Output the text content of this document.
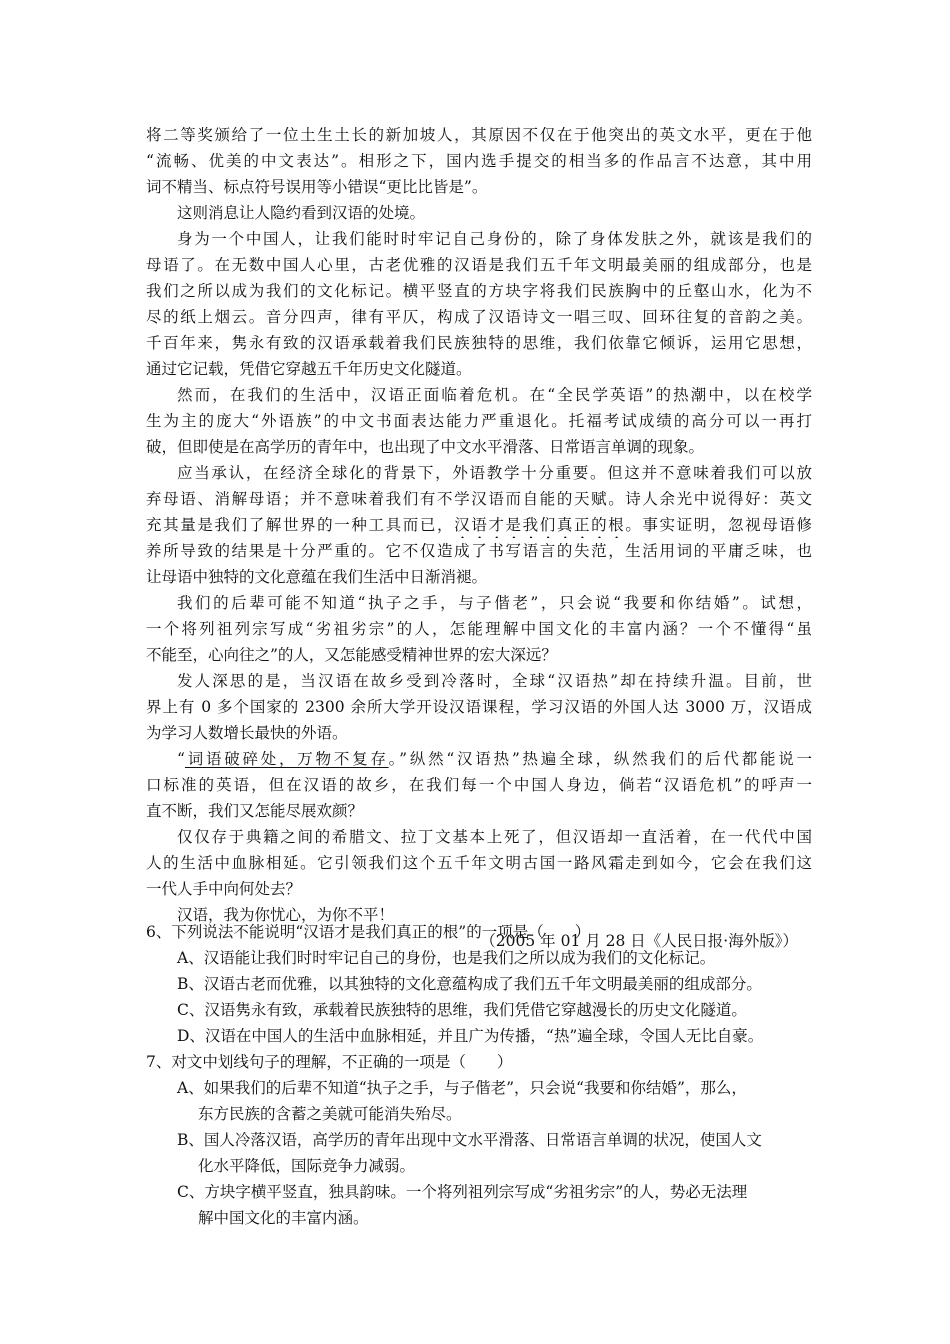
将二等奖颁给了一位土生土长的新加坡人，其原因不仅在于他突出的英文水平，更在于他
“流畅、优美的中文表达”。相形之下，国内选手提交的相当多的作品言不达意，其中用
词不精当、标点符号误用等小错误“更比比皆是”。
这则消息让人隐约看到汉语的处境。
身为一个中国人，让我们能时时牢记自己身份的，除了身体发肤之外，就该是我们的
母语了。在无数中国人心里，古老优雅的汉语是我们五千年文明最美丽的组成部分，也是
我们之所以成为我们的文化标记。横平竖直的方块字将我们民族胸中的丘壑山水，化为不
尽的纸上烟云。音分四声，律有平仄，构成了汉语诗文一唱三叹、回环往复的音韵之美。
千百年来，隽永有致的汉语承载着我们民族独特的思维，我们依靠它倾诉，运用它思想，
通过它记载，凭借它穿越五千年历史文化隧道。
然而，在我们的生活中，汉语正面临着危机。在“全民学英语”的热潮中，以在校学
生为主的庞大“外语族”的中文书面表达能力严重退化。托福考试成绩的高分可以一再打
破，但即使是在高学历的青年中，也出现了中文水平滑落、日常语言单调的现象。
应当承认，在经济全球化的背景下，外语教学十分重要。但这并不意味着我们可以放
弃母语、消解母语；并不意味着我们有不学汉语而自能的天赋。诗人余光中说得好：英文
充其量是我们了解世界的一种工具而已，汉语才是我们真正的根。事实证明，忽视母语修
养所导致的结果是十分严重的。它不仅造成了书写语言的失范，生活用词的平庸乏味，也
让母语中独特的文化意蕴在我们生活中日渐消褪。
我们的后辈可能不知道“执子之手，与子偕老”，只会说“我要和你结婚”。试想，
一个将列祖列宗写成“劣祖劣宗”的人，怎能理解中国文化的丰富内涵？一个不懂得“虽
不能至，心向往之”的人，又怎能感受精神世界的宏大深远？
发人深思的是，当汉语在故乡受到冷落时，全球“汉语热”却在持续升温。目前，世
界上有 0 多个国家的 2300 余所大学开设汉语课程，学习汉语的外国人达 3000 万，汉语成
为学习人数增长最快的外语。
“词语破碎处，万物不复存。”纵然“汉语热”热遍全球，纵然我们的后代都能说一
口标准的英语，但在汉语的故乡，在我们每一个中国人身边，倘若“汉语危机”的呼声一
直不断，我们又怎能尽展欢颜？
仅仅存于典籍之间的希腊文、拉丁文基本上死了，但汉语却一直活着，在一代代中国
人的生活中血脉相延。它引领我们这个五千年文明古国一路风霜走到如今，它会在我们这
一代人手中向何处去？
汉语，我为你忧心，为你不平！
（2005 年 01 月 28 日《人民日报·海外版》）
6、下列说法不能说明“汉语才是我们真正的根”的一项是（　　）
A、汉语能让我们时时牢记自己的身份，也是我们之所以成为我们的文化标记。
B、汉语古老而优雅，以其独特的文化意蕴构成了我们五千年文明最美丽的组成部分。
C、汉语隽永有致，承载着民族独特的思维，我们凭借它穿越漫长的历史文化隧道。
D、汉语在中国人的生活中血脉相延，并且广为传播，“热”遍全球，令国人无比自豪。
7、对文中划线句子的理解，不正确的一项是（　　）
A、如果我们的后辈不知道“执子之手，与子偕老”，只会说“我要和你结婚”，那么，
东方民族的含蓄之美就可能消失殆尽。
B、国人冷落汉语，高学历的青年出现中文水平滑落、日常语言单调的状况，使国人文
化水平降低，国际竞争力减弱。
C、方块字横平竖直，独具韵味。一个将列祖列宗写成“劣祖劣宗”的人，势必无法理
解中国文化的丰富内涵。
